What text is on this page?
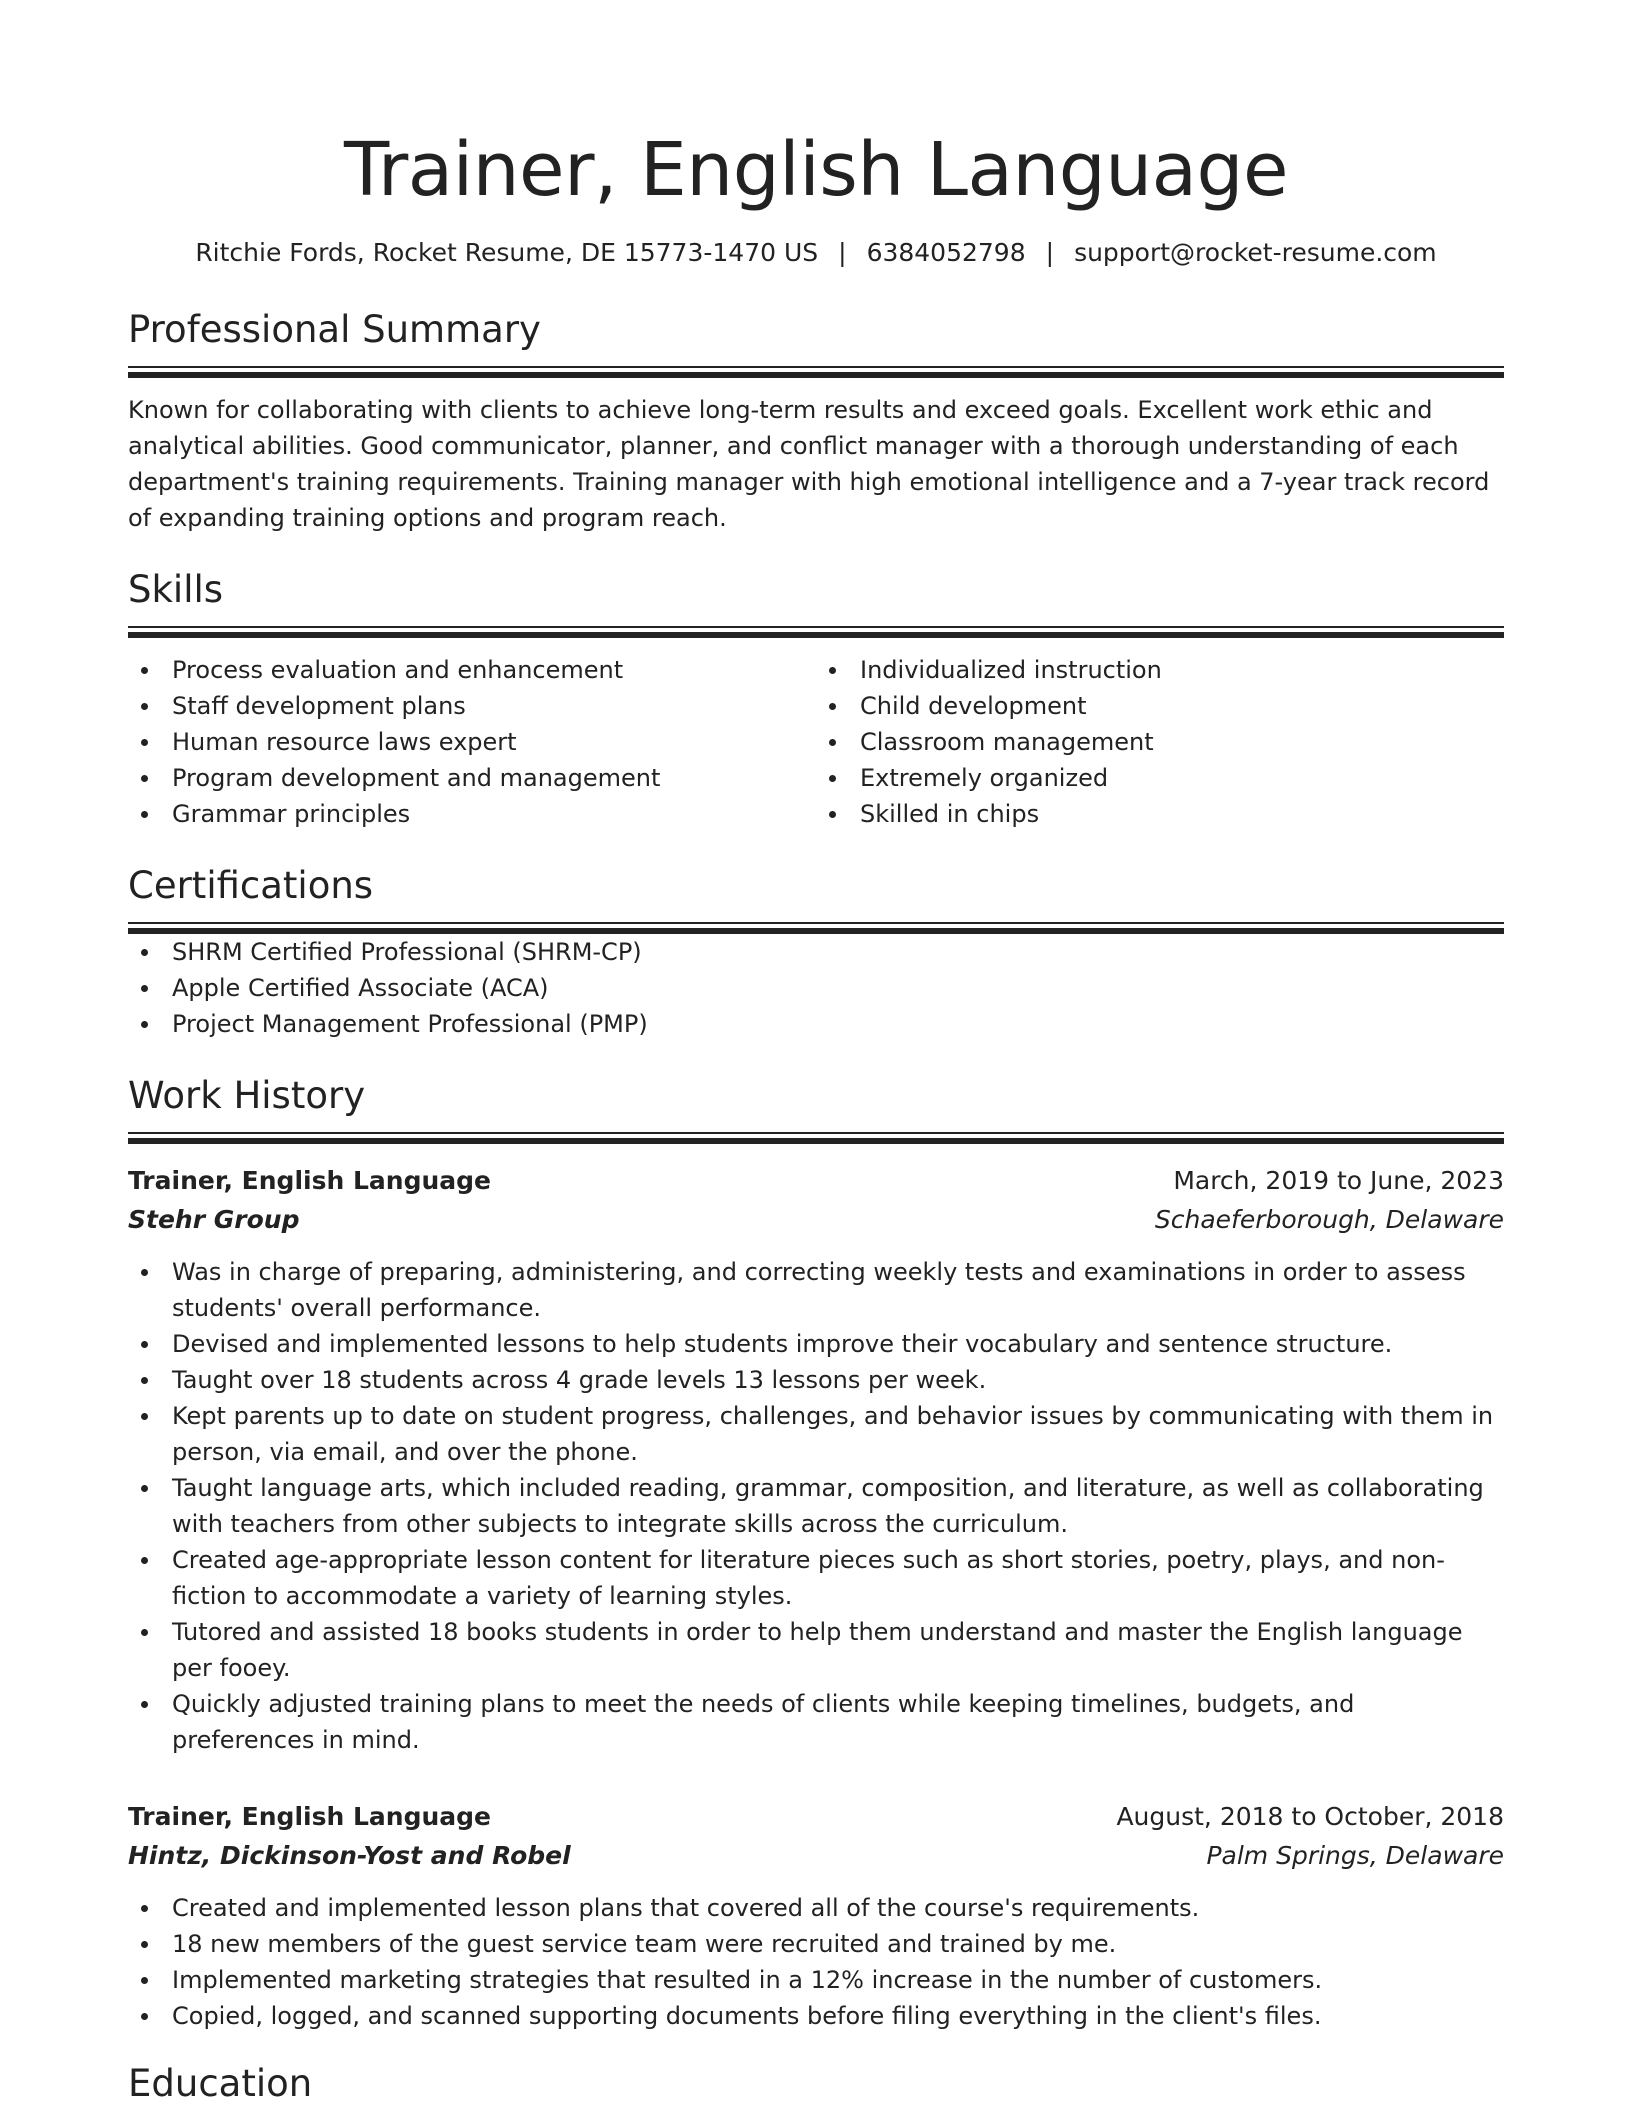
Trainer, English Language
Ritchie Fords, Rocket Resume, DE 15773-1470 US | 6384052798 | support@rocket-resume.com
Professional Summary

Known for collaborating with clients to achieve long-term results and exceed goals. Excellent work ethic and analytical abilities. Good communicator, planner, and conflict manager with a thorough understanding of each department's training requirements. Training manager with high emotional intelligence and a 7-year track record of expanding training options and program reach.

Skills
Process evaluation and enhancement
Staff development plans
Human resource laws expert
Program development and management
Grammar principles
Individualized instruction
Child development
Classroom management
Extremely organized
Skilled in chips
Certifications
SHRM Certified Professional (SHRM-CP)
Apple Certified Associate (ACA)
Project Management Professional (PMP)
Work History
Trainer, English Language	March, 2019 to June, 2023
Stehr Group	Schaeferborough, Delaware
Was in charge of preparing, administering, and correcting weekly tests and examinations in order to assess students' overall performance.
Devised and implemented lessons to help students improve their vocabulary and sentence structure.
Taught over 18 students across 4 grade levels 13 lessons per week.
Kept parents up to date on student progress, challenges, and behavior issues by communicating with them in person, via email, and over the phone.
Taught language arts, which included reading, grammar, composition, and literature, as well as collaborating with teachers from other subjects to integrate skills across the curriculum.
Created age-appropriate lesson content for literature pieces such as short stories, poetry, plays, and non-fiction to accommodate a variety of learning styles.
Tutored and assisted 18 books students in order to help them understand and master the English language per fooey.
Quickly adjusted training plans to meet the needs of clients while keeping timelines, budgets, and preferences in mind.
Trainer, English Language	August, 2018 to October, 2018
Hintz, Dickinson-Yost and Robel	Palm Springs, Delaware
Created and implemented lesson plans that covered all of the course's requirements.
18 new members of the guest service team were recruited and trained by me.
Implemented marketing strategies that resulted in a 12% increase in the number of customers.
Copied, logged, and scanned supporting documents before filing everything in the client's files.
Education
